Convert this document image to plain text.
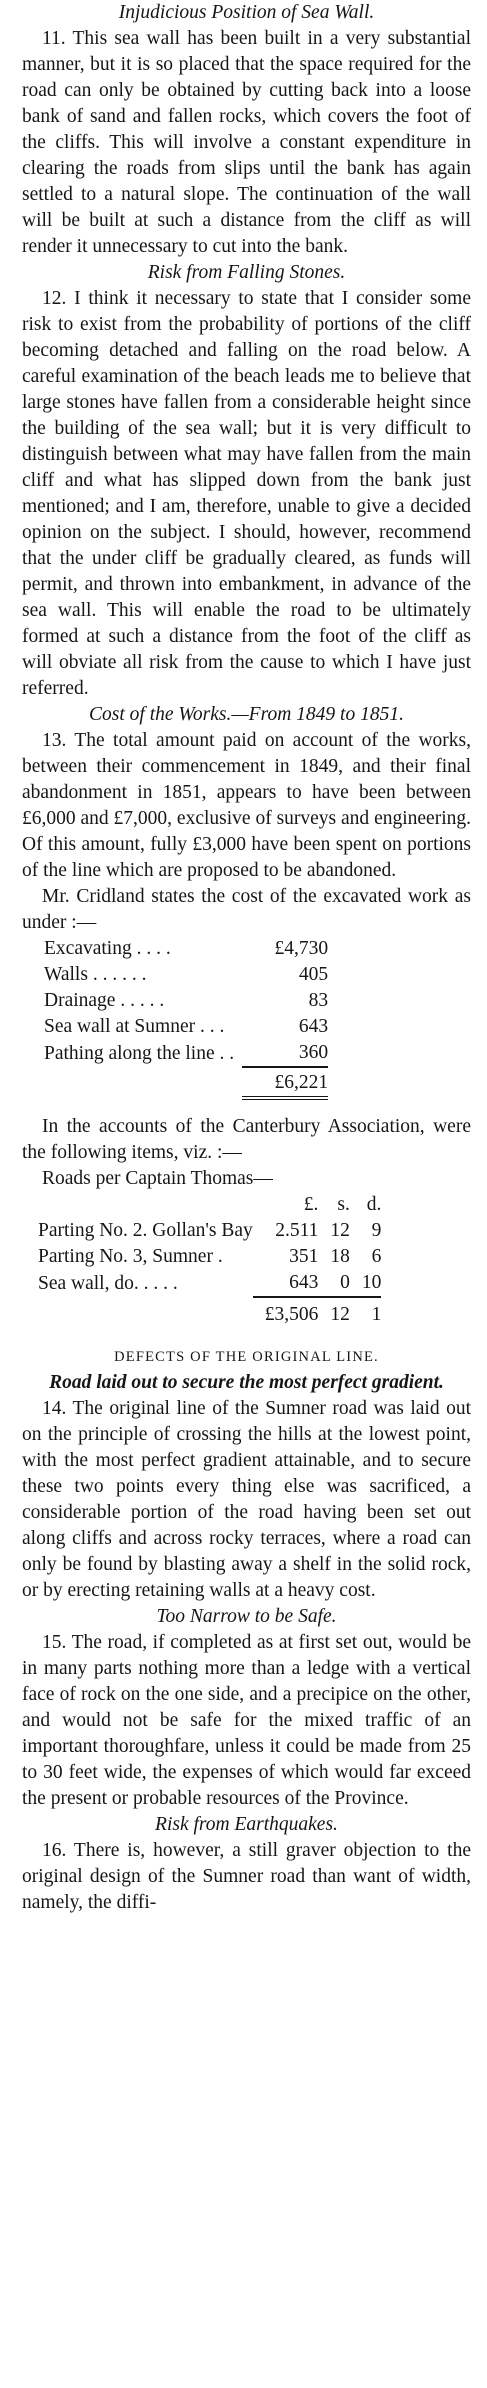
Injudicious Position of Sea Wall.

11. This sea wall has been built in a very substantial manner, but it is so placed that the space required for the road can only be obtained by cutting back into a loose bank of sand and fallen rocks, which covers the foot of the cliffs. This will involve a constant expenditure in clearing the roads from slips until the bank has again settled to a natural slope. The continuation of the wall will be built at such a distance from the cliff as will render it unnecessary to cut into the bank.

Risk from Falling Stones.

12. I think it necessary to state that I consider some risk to exist from the probability of portions of the cliff becoming detached and falling on the road below. A careful examination of the beach leads me to believe that large stones have fallen from a considerable height since the building of the sea wall; but it is very difficult to distinguish between what may have fallen from the main cliff and what has slipped down from the bank just mentioned; and I am, therefore, unable to give a decided opinion on the subject. I should, however, recommend that the under cliff be gradually cleared, as funds will permit, and thrown into embankment, in advance of the sea wall. This will enable the road to be ultimately formed at such a distance from the foot of the cliff as will obviate all risk from the cause to which I have just referred.

Cost of the Works.—From 1849 to 1851.

13. The total amount paid on account of the works, between their commencement in 1849, and their final abandonment in 1851, appears to have been between £6,000 and £7,000, exclusive of surveys and engineering. Of this amount, fully £3,000 have been spent on portions of the line which are proposed to be abandoned.

Mr. Cridland states the cost of the excavated work as under :—

Excavating . . . .	£4,730
Walls . . . . . .	405
Drainage . . . . .	83
Sea wall at Sumner . . .	643
Pathing along the line . .	360
	£6,221

In the accounts of the Canterbury Association, were the following items, viz. :—

Roads per Captain Thomas—

	£.	s.	d.
Parting No. 2. Gollan's Bay	2.511	12	9
Parting No. 3, Sumner .	351	18	6
Sea wall, do. . . . .	643	0	10
	£3,506	12	1

DEFECTS OF THE ORIGINAL LINE.

Road laid out to secure the most perfect gradient.

14. The original line of the Sumner road was laid out on the principle of crossing the hills at the lowest point, with the most perfect gradient attainable, and to secure these two points every thing else was sacrificed, a considerable portion of the road having been set out along cliffs and across rocky terraces, where a road can only be found by blasting away a shelf in the solid rock, or by erecting retaining walls at a heavy cost.

Too Narrow to be Safe.

15. The road, if completed as at first set out, would be in many parts nothing more than a ledge with a vertical face of rock on the one side, and a precipice on the other, and would not be safe for the mixed traffic of an important thoroughfare, unless it could be made from 25 to 30 feet wide, the expenses of which would far exceed the present or probable resources of the Province.

Risk from Earthquakes.

16. There is, however, a still graver objection to the original design of the Sumner road than want of width, namely, the diffi-
